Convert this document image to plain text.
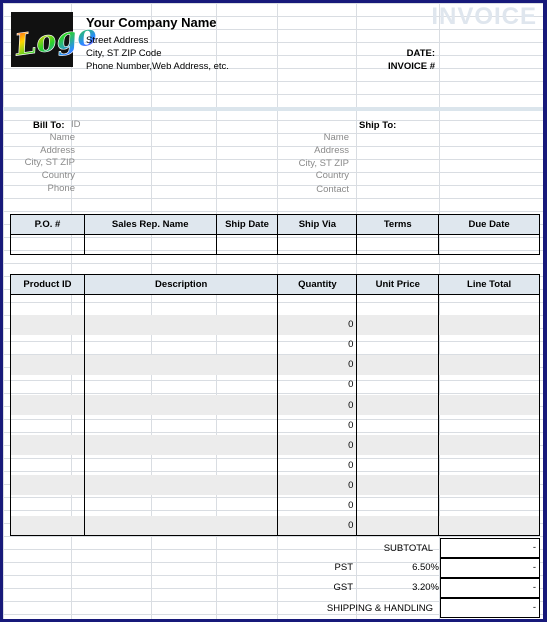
Logo
Your Company Name
Street Address
City, ST ZIP Code
Phone Number,Web Address, etc.
INVOICE
DATE:
INVOICE #
Bill To: ID
Name
Address
City, ST ZIP
Country
Phone
Ship To:
Name
Address
City, ST ZIP
Country
Contact
P.O. #	Sales Rep. Name	Ship Date	Ship Via	Terms	Due Date

Product ID	Description	Quantity	Unit Price	Line Total

		0		
		0		
		0		
		0		
		0		
		0		
		0		
		0		
		0		
		0		
		0		
SUBTOTAL	-
PST	6.50%	-
GST	3.20%	-
SHIPPING & HANDLING	-
